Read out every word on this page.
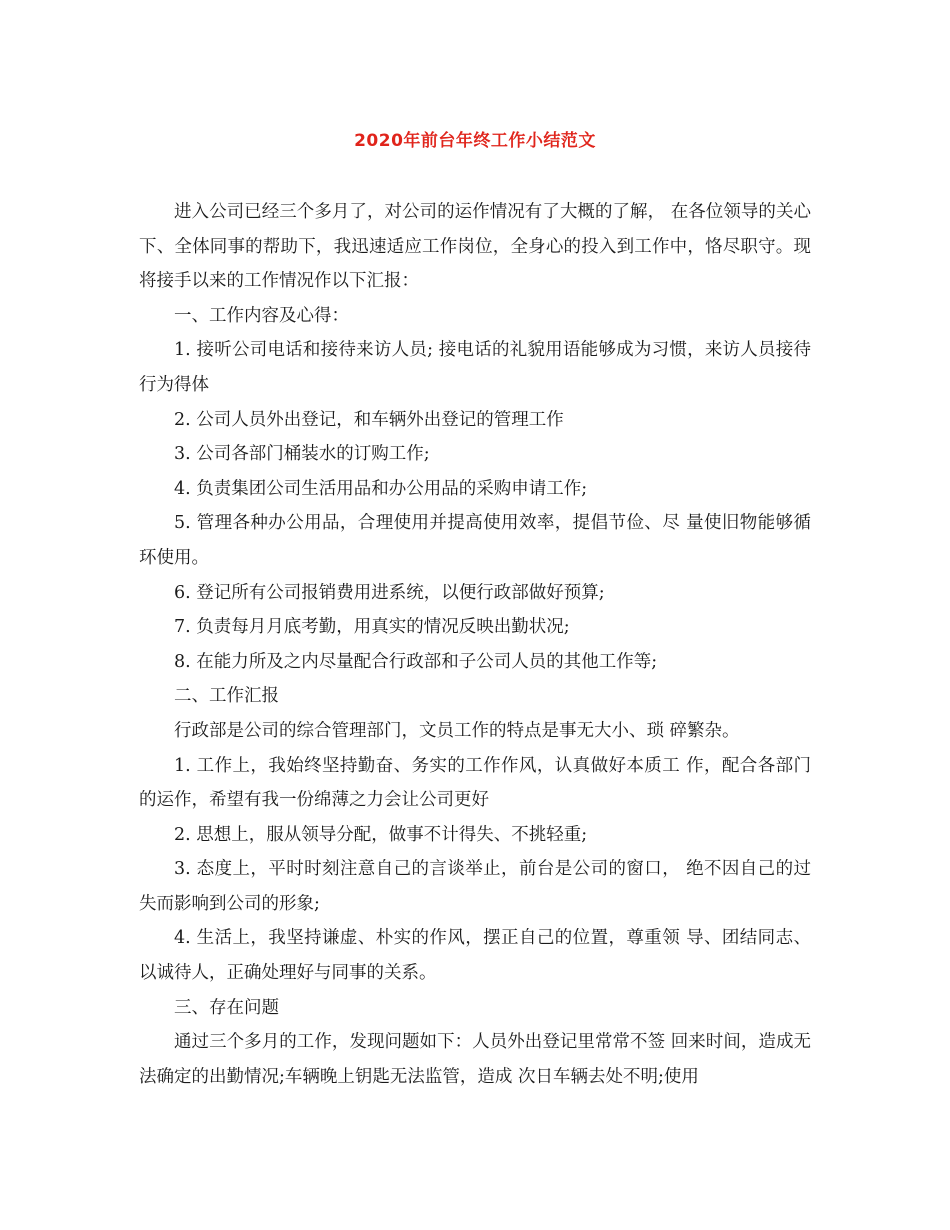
2020年前台年终工作小结范文

进入公司已经三个多月了，对公司的运作情况有了大概的了解， 在各位领导的关心下、全体同事的帮助下，我迅速适应工作岗位，全身心的投入到工作中，恪尽职守。现将接手以来的工作情况作以下汇报：

一、工作内容及心得：

1. 接听公司电话和接待来访人员; 接电话的礼貌用语能够成为习惯，来访人员接待行为得体

2. 公司人员外出登记，和车辆外出登记的管理工作

3. 公司各部门桶装水的订购工作;

4. 负责集团公司生活用品和办公用品的采购申请工作;

5. 管理各种办公用品，合理使用并提高使用效率，提倡节俭、尽 量使旧物能够循环使用。

6. 登记所有公司报销费用进系统，以便行政部做好预算;

7. 负责每月月底考勤，用真实的情况反映出勤状况;

8. 在能力所及之内尽量配合行政部和子公司人员的其他工作等;

二、工作汇报

行政部是公司的综合管理部门，文员工作的特点是事无大小、琐 碎繁杂。

1. 工作上，我始终坚持勤奋、务实的工作作风，认真做好本质工 作，配合各部门的运作，希望有我一份绵薄之力会让公司更好

2. 思想上，服从领导分配，做事不计得失、不挑轻重;

3. 态度上，平时时刻注意自己的言谈举止，前台是公司的窗口， 绝不因自己的过失而影响到公司的形象;

4. 生活上，我坚持谦虚、朴实的作风，摆正自己的位置，尊重领 导、团结同志、以诚待人，正确处理好与同事的关系。

三、存在问题

通过三个多月的工作，发现问题如下：人员外出登记里常常不签 回来时间，造成无法确定的出勤情况;车辆晚上钥匙无法监管，造成 次日车辆去处不明;使用
